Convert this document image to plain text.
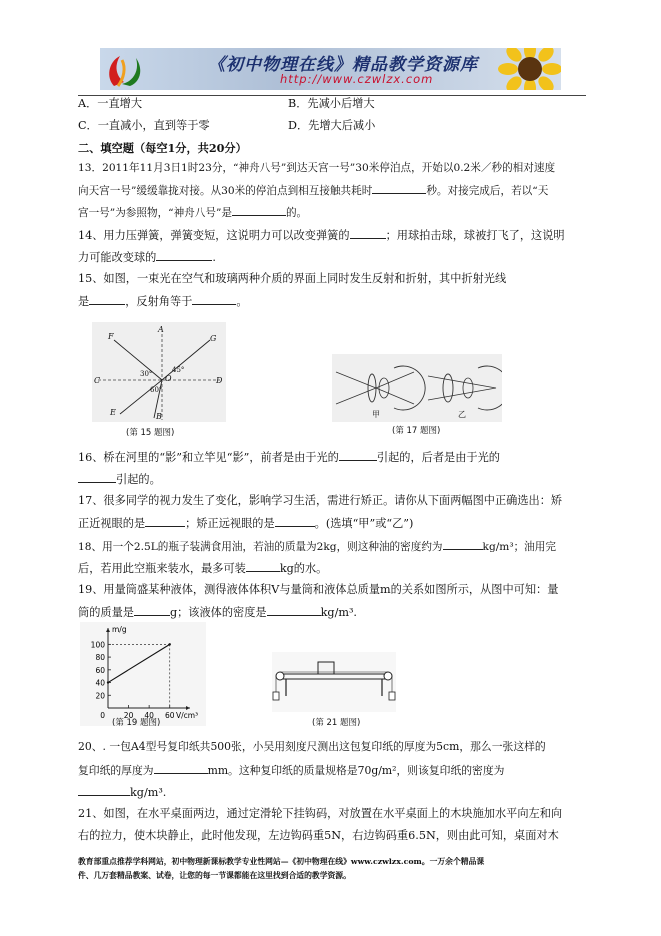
《初中物理在线》精品教学资源库
http://www.czwlzx.com
A．一直增大	B．先减小后增大
C．一直减小，直到等于零	D．先增大后减小
二、填空题（每空1分，共20分）
13．2011年11月3日1时23分，“神舟八号”到达天宫一号”30米停泊点，开始以0.2米／秒的相对速度
向天宫一号”缓缓靠拢对接。从30米的停泊点到相互接触共耗时	秒。对接完成后，若以“天
宫一号”为参照物，“神舟八号”是	的。
14、用力压弹簧，弹簧变短，这说明力可以改变弹簧的	；用球拍击球，球被打飞了，这说明
力可能改变球的	.
15、如图，一束光在空气和玻璃两种介质的界面上同时发生反射和折射，其中折射光线
是	，反射角等于	。
F
A
G
C	D
O
E	B
30°	45°
60°
(第 15 题图)
甲	乙
(第 17 题图)
16、桥在河里的“影”和立竿见“影”，前者是由于光的	引起的，后者是由于光的
引起的。
17、很多同学的视力发生了变化，影响学习生活，需进行矫正。请你从下面两幅图中正确选出：矫
正近视眼的是	；矫正远视眼的是	。(选填“甲”或“乙”)
18、用一个2.5L的瓶子装满食用油，若油的质量为2kg，则这种油的密度约为	kg/m³；油用完
后，若用此空瓶来装水，最多可装	kg的水。
19、用量筒盛某种液体，测得液体体积V与量筒和液体总质量m的关系如图所示，从图中可知：量
筒的质量是	g；该液体的密度是	kg/m³.
20
40
60
80
100
20 40 60
0
m/g
V/cm³
(第 19 题图)	(第 21 题图)
20、. 一包A4型号复印纸共500张，小吴用刻度尺测出这包复印纸的厚度为5cm，那么一张这样的
复印纸的厚度为	mm。这种复印纸的质量规格是70g/m²，则该复印纸的密度为
kg/m³.
21、如图，在水平桌面两边，通过定滑轮下挂钩码，对放置在水平桌面上的木块施加水平向左和向
右的拉力，使木块静止，此时他发现，左边钩码重5N，右边钩码重6.5N，则由此可知，桌面对木
教育部重点推荐学科网站，初中物理新课标教学专业性网站—《初中物理在线》www.czwlzx.com。一万余个精品课
件、几万套精品教案、试卷，让您的每一节课都能在这里找到合适的教学资源。
